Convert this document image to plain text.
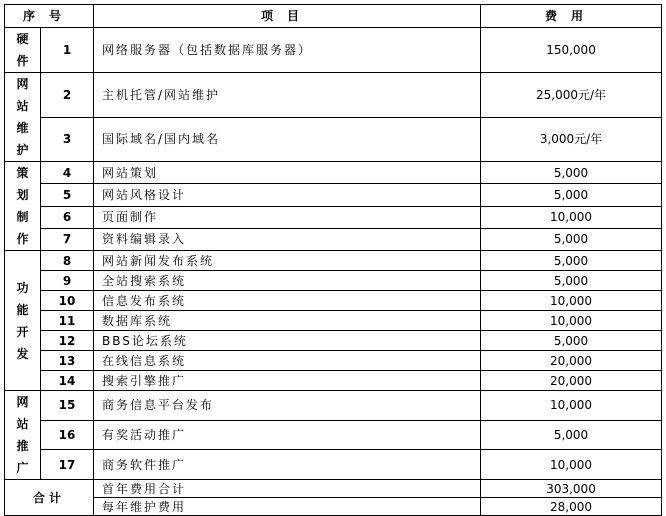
序号		项目	费用

硬件	1	网络服务器（包括数据库服务器）	150,000

网站维护	2	主机托管/网站维护	25,000元/年
	3	国际域名/国内域名	3,000元/年

策划制作	4	网站策划	5,000
	5	网站风格设计	5,000
	6	页面制作	10,000
	7	资料编辑录入	5,000

功能开发	8	网站新闻发布系统	5,000
	9	全站搜索系统	5,000
	10	信息发布系统	10,000
	11	数据库系统	10,000
	12	BBS论坛系统	5,000
	13	在线信息系统	20,000
	14	搜索引擎推广	20,000

网站推广	15	商务信息平台发布	10,000
	16	有奖活动推广	5,000
	17	商务软件推广	10,000
合计		首年费用合计	303,000
		每年维护费用	28,000
